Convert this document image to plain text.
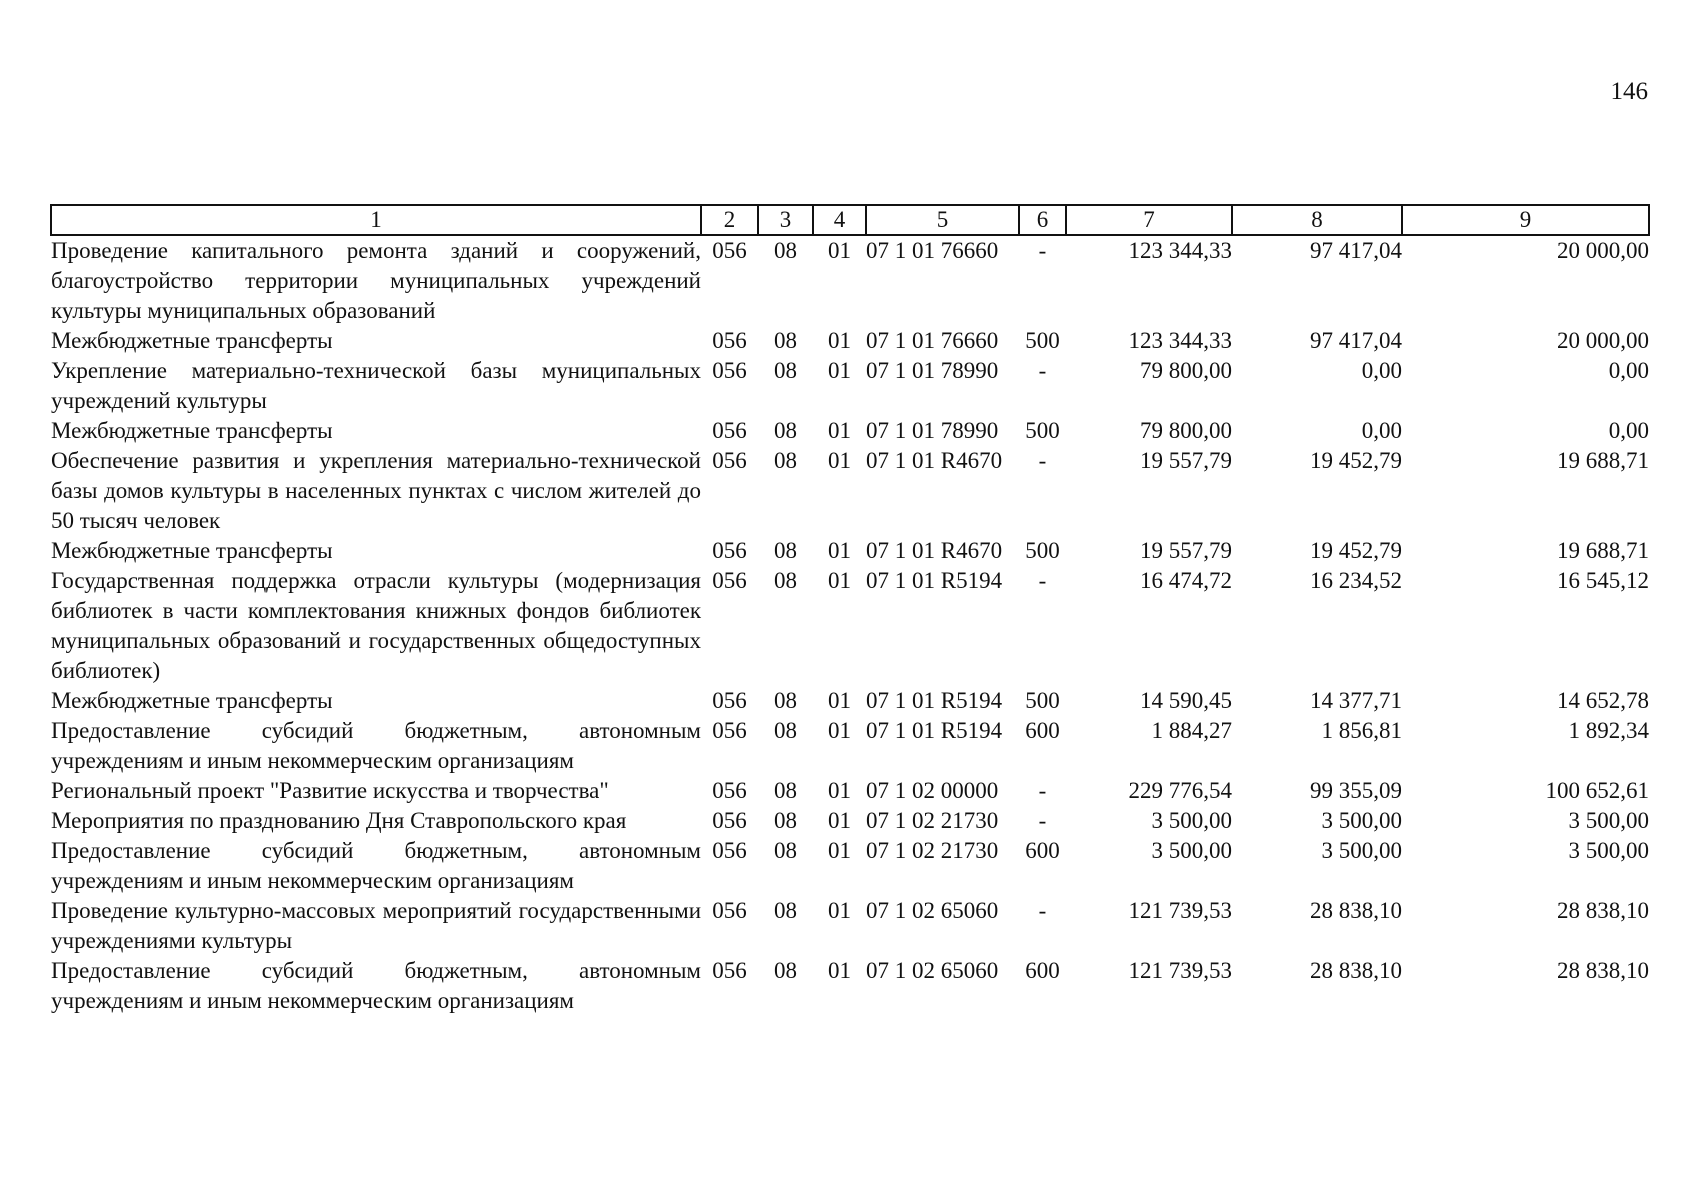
146
1	2	3	4	5	6	7	8	9
Проведение капитального ремонта зданий и сооружений, благоустройство территории муниципальных учреждений культуры муниципальных образований	056	08	01	07 1 01 76660	-	123 344,33	97 417,04	20 000,00
Межбюджетные трансферты	056	08	01	07 1 01 76660	500	123 344,33	97 417,04	20 000,00
Укрепление материально-технической базы муниципальных учреждений культуры	056	08	01	07 1 01 78990	-	79 800,00	0,00	0,00
Межбюджетные трансферты	056	08	01	07 1 01 78990	500	79 800,00	0,00	0,00
Обеспечение развития и укрепления материально-технической базы домов культуры в населенных пунктах с числом жителей до 50 тысяч человек	056	08	01	07 1 01 R4670	-	19 557,79	19 452,79	19 688,71
Межбюджетные трансферты	056	08	01	07 1 01 R4670	500	19 557,79	19 452,79	19 688,71
Государственная поддержка отрасли культуры (модернизация библиотек в части комплектования книжных фондов библиотек муниципальных образований и государственных общедоступных библиотек)	056	08	01	07 1 01 R5194	-	16 474,72	16 234,52	16 545,12
Межбюджетные трансферты	056	08	01	07 1 01 R5194	500	14 590,45	14 377,71	14 652,78
Предоставление субсидий бюджетным, автономным учреждениям и иным некоммерческим организациям	056	08	01	07 1 01 R5194	600	1 884,27	1 856,81	1 892,34
Региональный проект "Развитие искусства и творчества"	056	08	01	07 1 02 00000	-	229 776,54	99 355,09	100 652,61
Мероприятия по празднованию Дня Ставропольского края	056	08	01	07 1 02 21730	-	3 500,00	3 500,00	3 500,00
Предоставление субсидий бюджетным, автономным учреждениям и иным некоммерческим организациям	056	08	01	07 1 02 21730	600	3 500,00	3 500,00	3 500,00
Проведение культурно-массовых мероприятий государственными учреждениями культуры	056	08	01	07 1 02 65060	-	121 739,53	28 838,10	28 838,10
Предоставление субсидий бюджетным, автономным учреждениям и иным некоммерческим организациям	056	08	01	07 1 02 65060	600	121 739,53	28 838,10	28 838,10
